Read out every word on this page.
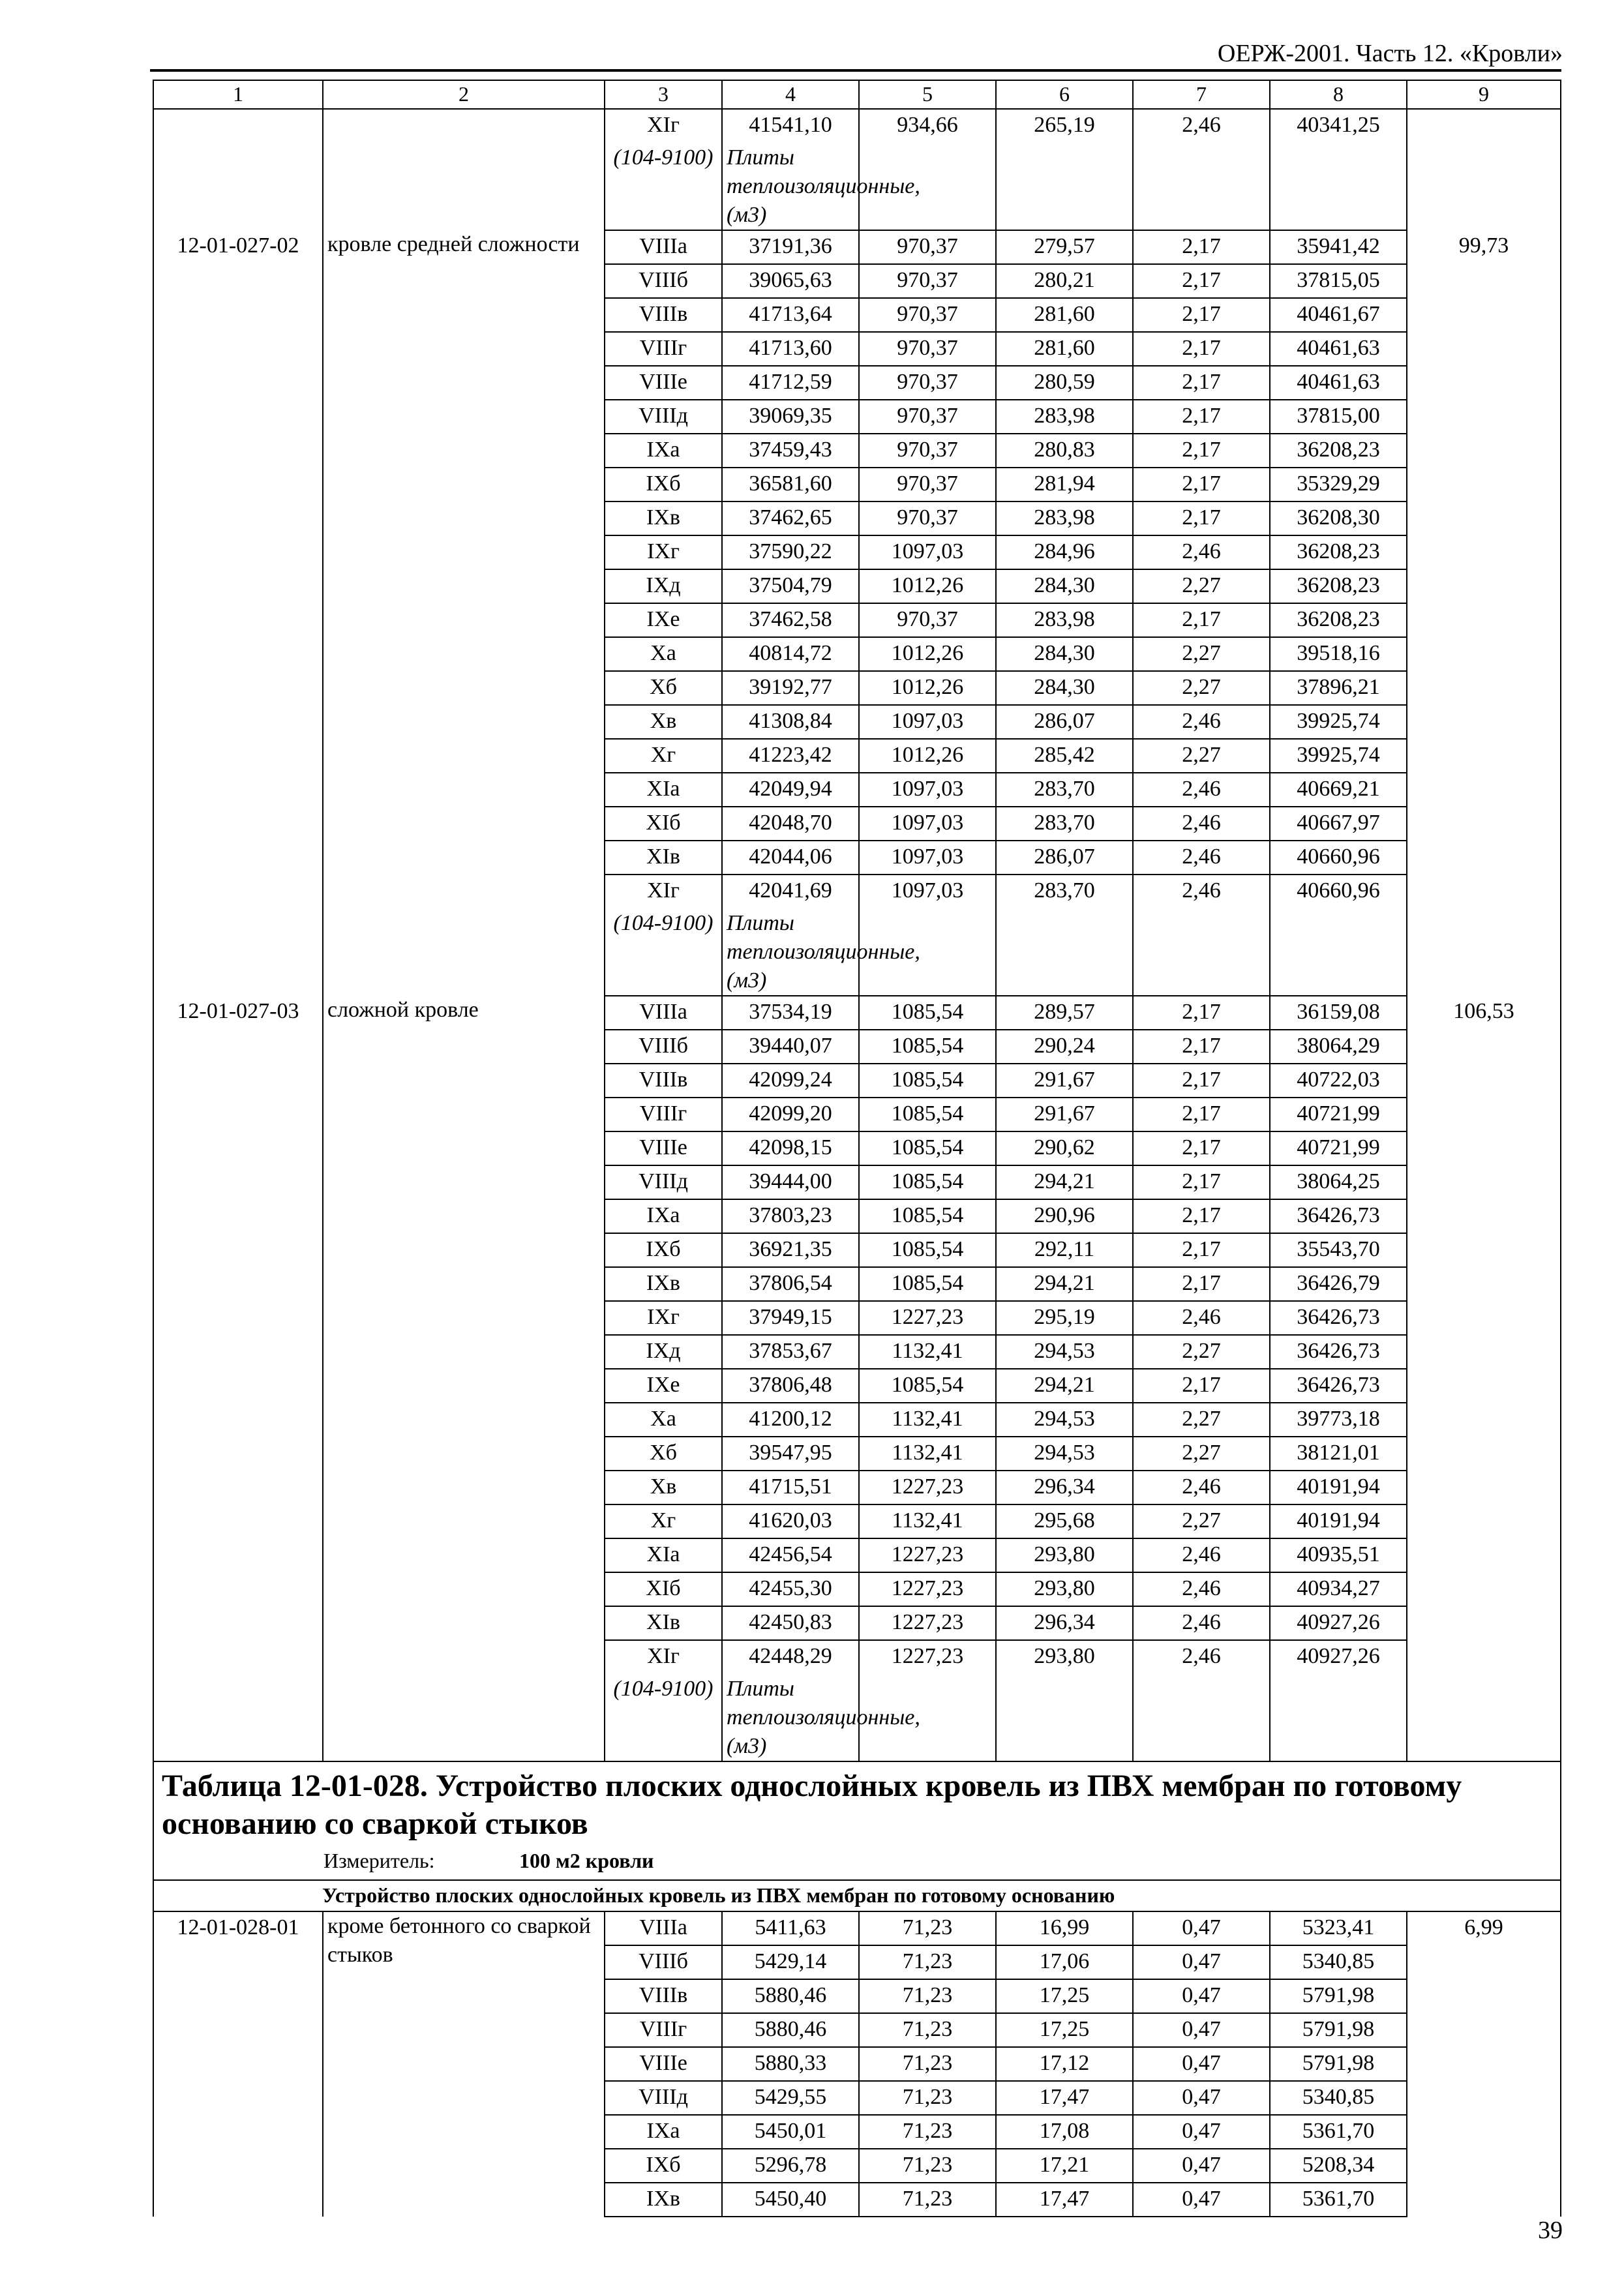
ОЕРЖ-2001. Часть 12. «Кровли»
1	2	3	4	5	6	7	8	9	
		XIг	41541,10	934,66	265,19	2,46	40341,25		
		(104-9100)	Плиты теплоизоляционные, (м3)						
12-01-027-02	кровле средней сложности	VIIIа	37191,36	970,37	279,57	2,17	35941,42	99,73	
		VIIIб	39065,63	970,37	280,21	2,17	37815,05		
		VIIIв	41713,64	970,37	281,60	2,17	40461,67		
		VIIIг	41713,60	970,37	281,60	2,17	40461,63		
		VIIIе	41712,59	970,37	280,59	2,17	40461,63		
		VIIIд	39069,35	970,37	283,98	2,17	37815,00		
		IXа	37459,43	970,37	280,83	2,17	36208,23		
		IXб	36581,60	970,37	281,94	2,17	35329,29		
		IXв	37462,65	970,37	283,98	2,17	36208,30		
		IXг	37590,22	1097,03	284,96	2,46	36208,23		
		IXд	37504,79	1012,26	284,30	2,27	36208,23		
		IXе	37462,58	970,37	283,98	2,17	36208,23		
		Xа	40814,72	1012,26	284,30	2,27	39518,16		
		Xб	39192,77	1012,26	284,30	2,27	37896,21		
		Xв	41308,84	1097,03	286,07	2,46	39925,74		
		Xг	41223,42	1012,26	285,42	2,27	39925,74		
		XIа	42049,94	1097,03	283,70	2,46	40669,21		
		XIб	42048,70	1097,03	283,70	2,46	40667,97		
		XIв	42044,06	1097,03	286,07	2,46	40660,96		
		XIг	42041,69	1097,03	283,70	2,46	40660,96		
		(104-9100)	Плиты теплоизоляционные, (м3)						
12-01-027-03	сложной кровле	VIIIа	37534,19	1085,54	289,57	2,17	36159,08	106,53	
		VIIIб	39440,07	1085,54	290,24	2,17	38064,29		
		VIIIв	42099,24	1085,54	291,67	2,17	40722,03		
		VIIIг	42099,20	1085,54	291,67	2,17	40721,99		
		VIIIе	42098,15	1085,54	290,62	2,17	40721,99		
		VIIIд	39444,00	1085,54	294,21	2,17	38064,25		
		IXа	37803,23	1085,54	290,96	2,17	36426,73		
		IXб	36921,35	1085,54	292,11	2,17	35543,70		
		IXв	37806,54	1085,54	294,21	2,17	36426,79		
		IXг	37949,15	1227,23	295,19	2,46	36426,73		
		IXд	37853,67	1132,41	294,53	2,27	36426,73		
		IXе	37806,48	1085,54	294,21	2,17	36426,73		
		Xа	41200,12	1132,41	294,53	2,27	39773,18		
		Xб	39547,95	1132,41	294,53	2,27	38121,01		
		Xв	41715,51	1227,23	296,34	2,46	40191,94		
		Xг	41620,03	1132,41	295,68	2,27	40191,94		
		XIа	42456,54	1227,23	293,80	2,46	40935,51		
		XIб	42455,30	1227,23	293,80	2,46	40934,27		
		XIв	42450,83	1227,23	296,34	2,46	40927,26		
		XIг	42448,29	1227,23	293,80	2,46	40927,26		
		(104-9100)	Плиты теплоизоляционные, (м3)						
Таблица 12-01-028. Устройство плоских однослойных кровель из ПВХ мембран по готовому основанию со сваркой стыков
Измеритель: 100 м2 кровли									

Устройство плоских однослойных кровель из ПВХ мембран по готовому основанию									
12-01-028-01	кроме бетонного со сваркой стыков	VIIIа	5411,63	71,23	16,99	0,47	5323,41	6,99	
		VIIIб	5429,14	71,23	17,06	0,47	5340,85		
		VIIIв	5880,46	71,23	17,25	0,47	5791,98		
		VIIIг	5880,46	71,23	17,25	0,47	5791,98		
		VIIIе	5880,33	71,23	17,12	0,47	5791,98		
		VIIIд	5429,55	71,23	17,47	0,47	5340,85		
		IXа	5450,01	71,23	17,08	0,47	5361,70		
		IXб	5296,78	71,23	17,21	0,47	5208,34		
		IXв	5450,40	71,23	17,47	0,47	5361,70		
39
